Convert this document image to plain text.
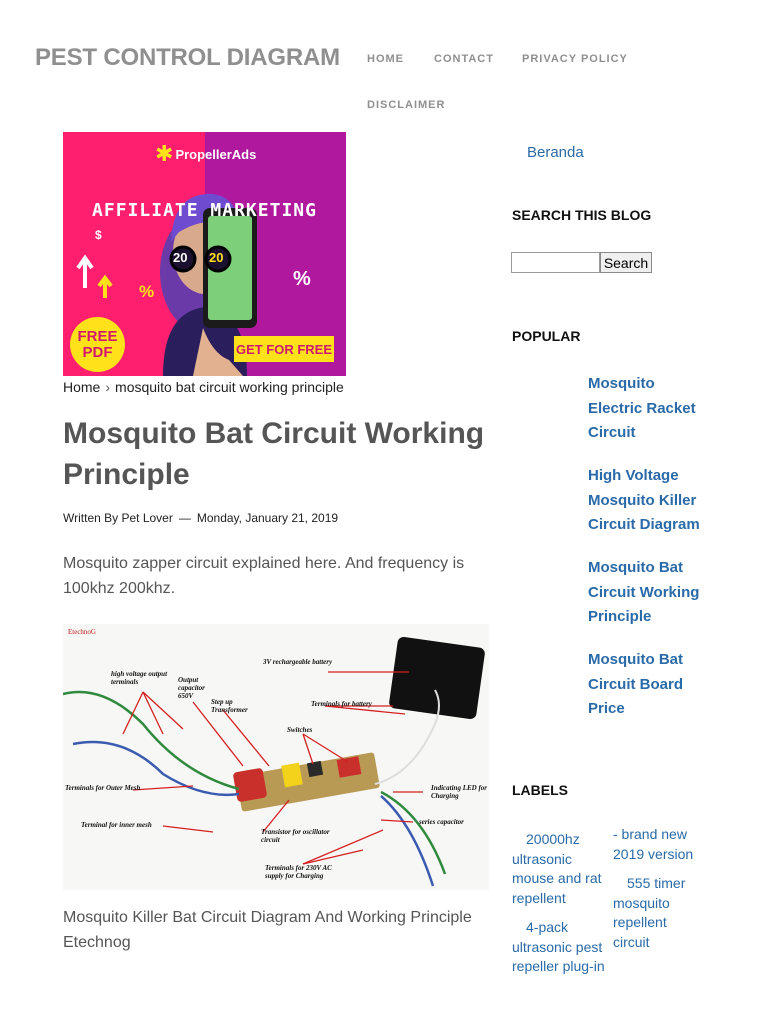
PEST CONTROL DIAGRAM HOME	CONTACT	PRIVACY POLICY
DISCLAIMER
✱ PropellerAds
AFFILIATE MARKETING
20 20
$
%
%
FREE
PDF	GET FOR FREE
Home › mosquito bat circuit working principle
Mosquito Bat Circuit Working Principle
Written By Pet Lover — Monday, January 21, 2019

Mosquito zapper circuit explained here. And frequency is 100khz 200khz.

EtechnoG
high voltage output terminals	Output capacitor 650V
Step up Transformer
3V rechargeable battery
Terminals for battery
Switches
Terminals for Outer Mesh
Terminal for inner mesh
Indicating LED for Charging
series capacitor
Transistor for oscillator circuit
Terminals for 230V AC supply for Charging

Mosquito Killer Bat Circuit Diagram And Working Principle Etechnog

Beranda
SEARCH THIS BLOG
Search
POPULAR
Mosquito Electric Racket Circuit
High Voltage Mosquito Killer Circuit Diagram
Mosquito Bat Circuit Working Principle
Mosquito Bat Circuit Board Price
LABELS
20000hz ultrasonic mouse and rat repellent
4-pack ultrasonic pest repeller plug-in
- brand new 2019 version
555 timer mosquito repellent circuit
